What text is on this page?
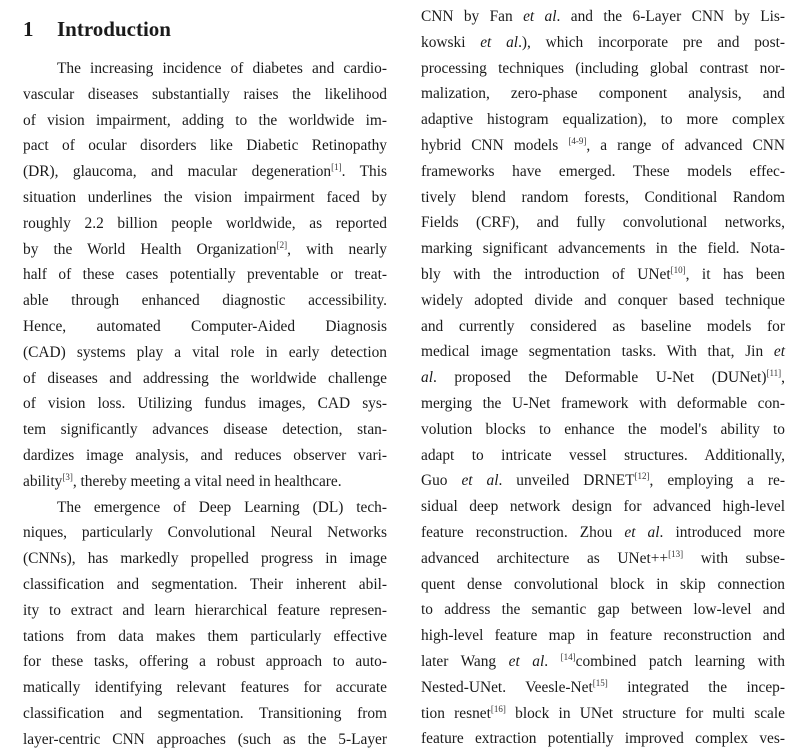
1 Introduction
The increasing incidence of diabetes and cardio-
vascular diseases substantially raises the likelihood
of vision impairment, adding to the worldwide im-
pact of ocular disorders like Diabetic Retinopathy
(DR), glaucoma, and macular degeneration[1]. This
situation underlines the vision impairment faced by
roughly 2.2 billion people worldwide, as reported
by the World Health Organization[2], with nearly
half of these cases potentially preventable or treat-
able through enhanced diagnostic accessibility.
Hence, automated Computer-Aided Diagnosis
(CAD) systems play a vital role in early detection
of diseases and addressing the worldwide challenge
of vision loss. Utilizing fundus images, CAD sys-
tem significantly advances disease detection, stan-
dardizes image analysis, and reduces observer vari-
ability[3], thereby meeting a vital need in healthcare.
The emergence of Deep Learning (DL) tech-
niques, particularly Convolutional Neural Networks
(CNNs), has markedly propelled progress in image
classification and segmentation. Their inherent abil-
ity to extract and learn hierarchical feature represen-
tations from data makes them particularly effective
for these tasks, offering a robust approach to auto-
matically identifying relevant features for accurate
classification and segmentation. Transitioning from
layer-centric CNN approaches (such as the 5-Layer
CNN by Fan et al. and the 6-Layer CNN by Lis-
kowski et al.), which incorporate pre and post-
processing techniques (including global contrast nor-
malization, zero-phase component analysis, and
adaptive histogram equalization), to more complex
hybrid CNN models [4-9], a range of advanced CNN
frameworks have emerged. These models effec-
tively blend random forests, Conditional Random
Fields (CRF), and fully convolutional networks,
marking significant advancements in the field. Nota-
bly with the introduction of UNet[10], it has been
widely adopted divide and conquer based technique
and currently considered as baseline models for
medical image segmentation tasks. With that, Jin et
al. proposed the Deformable U-Net (DUNet)[11],
merging the U-Net framework with deformable con-
volution blocks to enhance the model's ability to
adapt to intricate vessel structures. Additionally,
Guo et al. unveiled DRNET[12], employing a re-
sidual deep network design for advanced high-level
feature reconstruction. Zhou et al. introduced more
advanced architecture as UNet++[13] with subse-
quent dense convolutional block in skip connection
to address the semantic gap between low-level and
high-level feature map in feature reconstruction and
later Wang et al. [14]combined patch learning with
Nested-UNet. Veesle-Net[15] integrated the incep-
tion resnet[16] block in UNet structure for multi scale
feature extraction potentially improved complex ves-
